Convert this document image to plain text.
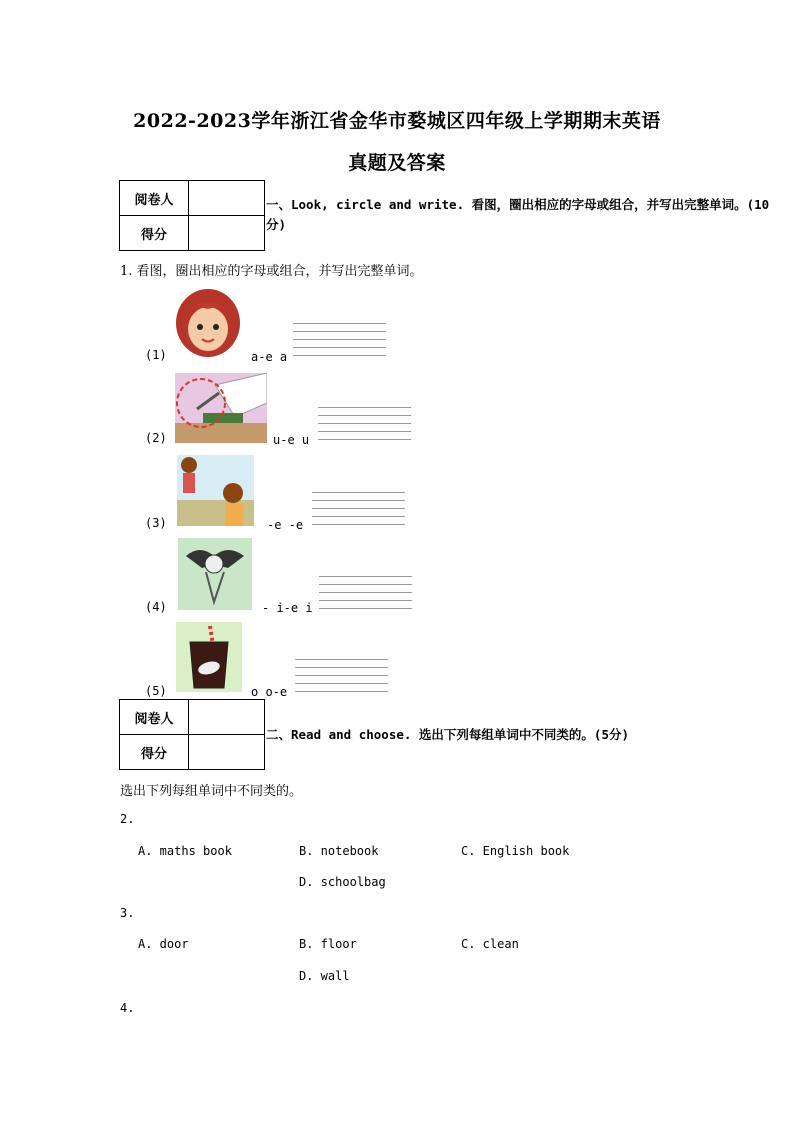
2022-2023学年浙江省金华市婺城区四年级上学期期末英语
真题及答案
阅卷人	
得分	
一、Look, circle and write. 看图，圈出相应的字母或组合，并写出完整单词。(10
分)
1. 看图，圈出相应的字母或组合，并写出完整单词。
(1)	a-e a
(2)	u-e u
(3)	-e -e
(4)	- i-e i
(5)	o o-e
阅卷人	
得分	
二、Read and choose. 选出下列每组单词中不同类的。(5分)
选出下列每组单词中不同类的。
2.
A. maths book	B. notebook	C. English book
D. schoolbag
3.
A. door	B. floor	C. clean
D. wall
4.
